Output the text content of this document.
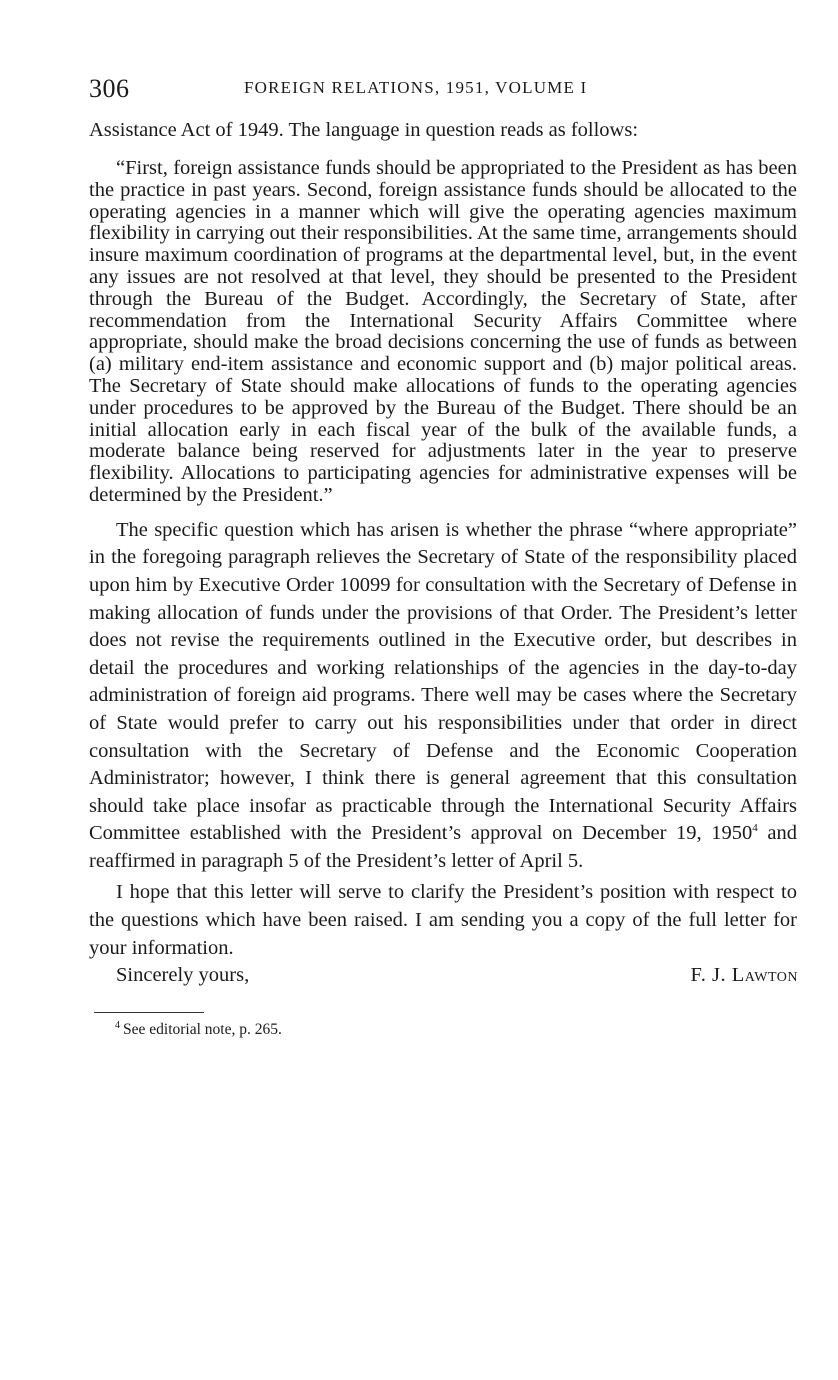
306	FOREIGN RELATIONS, 1951, VOLUME I

Assistance Act of 1949. The language in question reads as follows:

“First, foreign assistance funds should be appropriated to the President as has been the practice in past years. Second, foreign assistance funds should be allocated to the operating agencies in a manner which will give the operating agencies maximum flexibility in carrying out their responsibilities. At the same time, arrangements should insure maximum coordination of programs at the departmental level, but, in the event any issues are not resolved at that level, they should be presented to the President through the Bureau of the Budget. Accordingly, the Secretary of State, after recommendation from the International Security Affairs Committee where appropriate, should make the broad decisions concerning the use of funds as between (a) military end-item assistance and economic support and (b) major political areas. The Secretary of State should make allocations of funds to the operating agencies under procedures to be approved by the Bureau of the Budget. There should be an initial allocation early in each fiscal year of the bulk of the available funds, a moderate balance being reserved for adjustments later in the year to preserve flexibility. Allocations to participating agencies for administrative expenses will be determined by the President.”

The specific question which has arisen is whether the phrase “where appropriate” in the foregoing paragraph relieves the Secretary of State of the responsibility placed upon him by Executive Order 10099 for consultation with the Secretary of Defense in making allocation of funds under the provisions of that Order. The President’s letter does not revise the requirements outlined in the Executive order, but describes in detail the procedures and working relationships of the agencies in the day-to-day administration of foreign aid programs. There well may be cases where the Secretary of State would prefer to carry out his responsibilities under that order in direct consultation with the Secretary of Defense and the Economic Cooperation Administrator; however, I think there is general agreement that this consultation should take place insofar as practicable through the International Security Affairs Committee established with the President’s approval on December 19, 1950$^4$ and reaffirmed in paragraph 5 of the President’s letter of April 5.

I hope that this letter will serve to clarify the President’s position with respect to the questions which have been raised. I am sending you a copy of the full letter for your information.

Sincerely yours,	F. J. Lawton
$^4$ See editorial note, p. 265.
